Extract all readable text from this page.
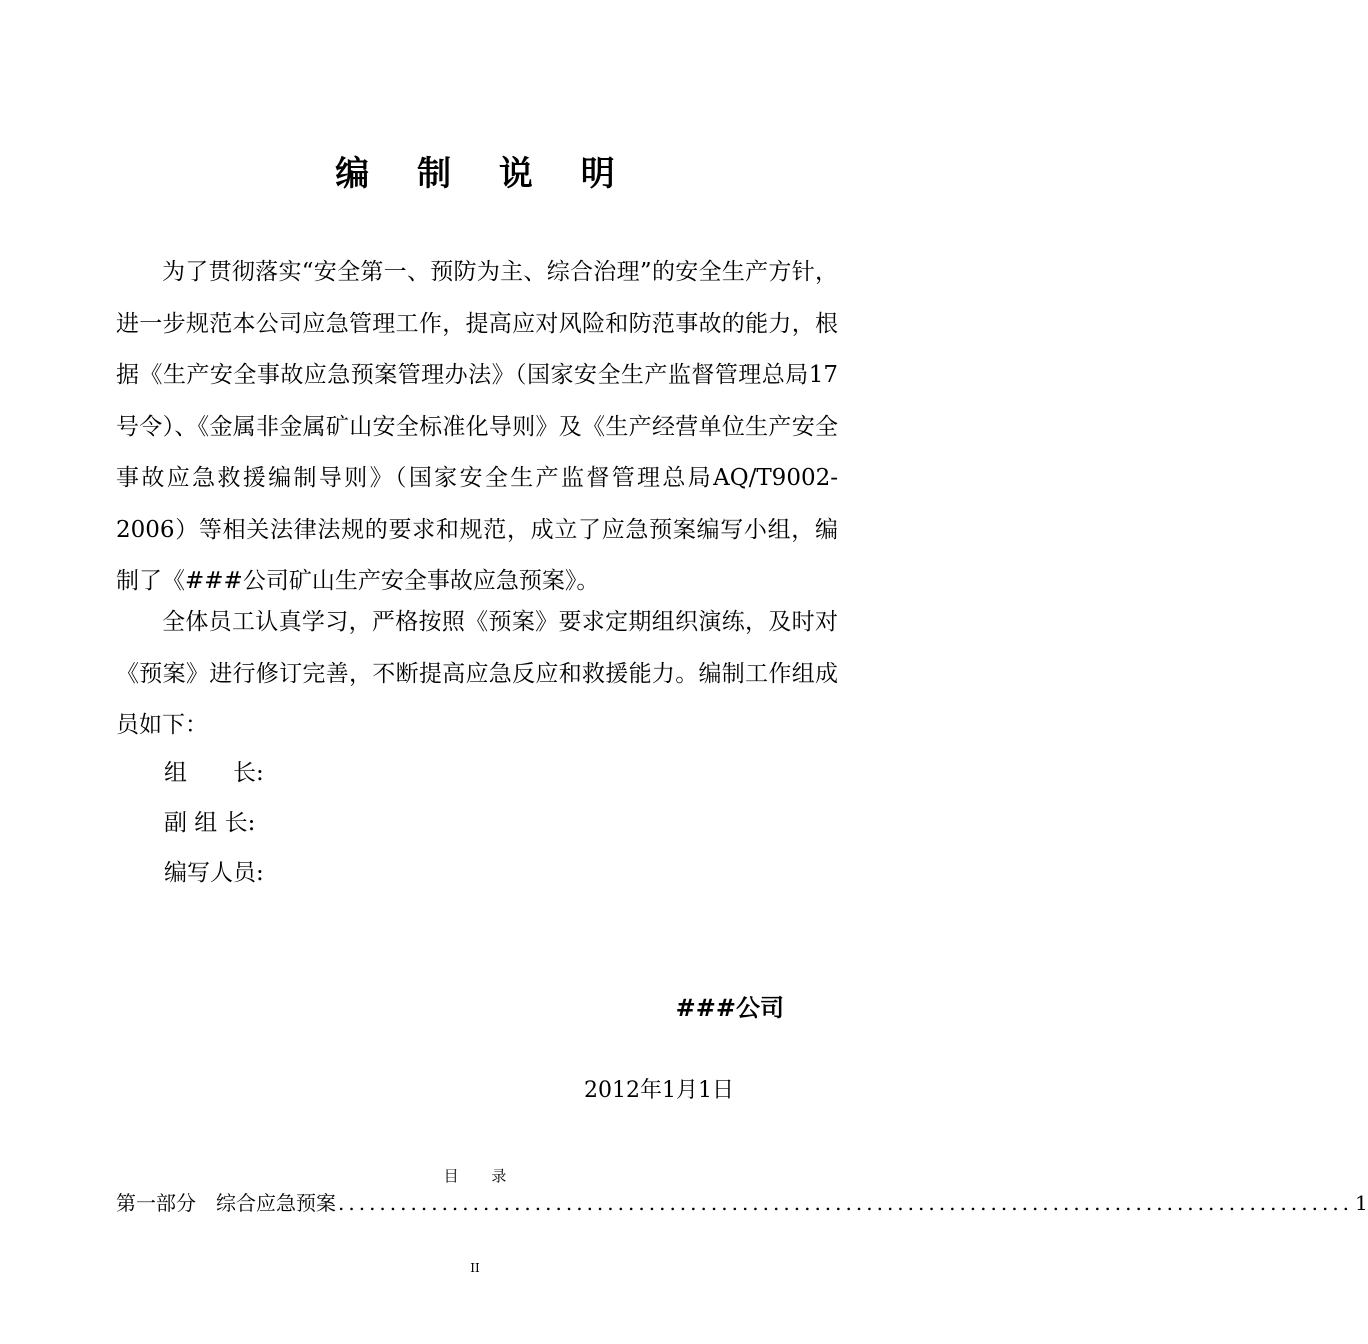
编 制 说 明

为了贯彻落实“安全第一、预防为主、综合治理”的安全生产方针，进一步规范本公司应急管理工作，提高应对风险和防范事故的能力，根据《生产安全事故应急预案管理办法》（国家安全生产监督管理总局17号令）、《金属非金属矿山安全标准化导则》及《生产经营单位生产安全事故应急救援编制导则》（国家安全生产监督管理总局AQ/T9002-2006）等相关法律法规的要求和规范，成立了应急预案编写小组，编制了《###公司矿山生产安全事故应急预案》。

全体员工认真学习，严格按照《预案》要求定期组织演练，及时对《预案》进行修订完善，不断提高应急反应和救援能力。编制工作组成员如下：

组　　长:
副 组 长:
编写人员:
###公司
2012年1月1日
目 录
第一部分　综合应急预案 .................................................................................................. 1
II
